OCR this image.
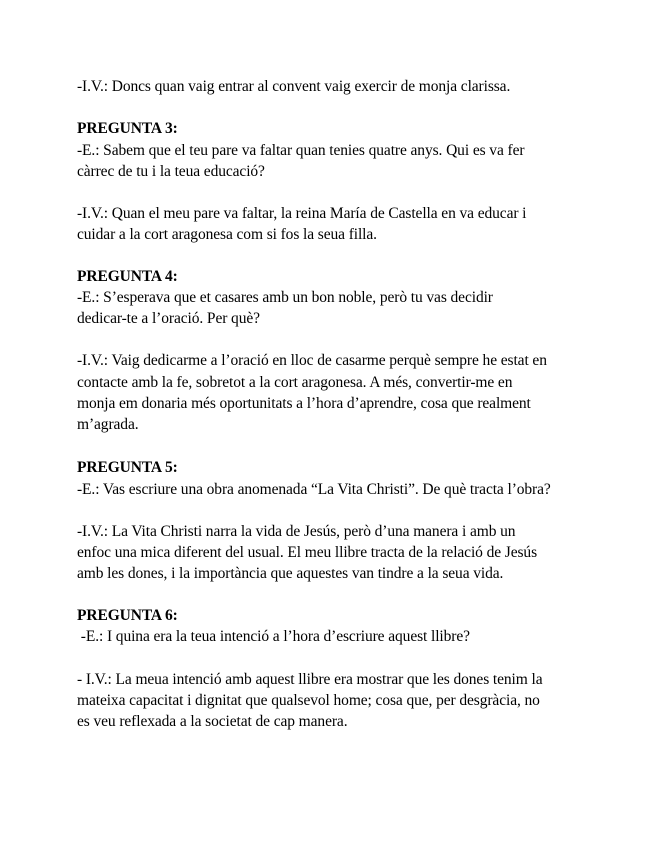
-I.V.: Doncs quan vaig entrar al convent vaig exercir de monja clarissa.
PREGUNTA 3:
-E.: Sabem que el teu pare va faltar quan tenies quatre anys. Qui es va fer
càrrec de tu i la teua educació?
-I.V.: Quan el meu pare va faltar, la reina María de Castella en va educar i
cuidar a la cort aragonesa com si fos la seua filla.
PREGUNTA 4:
-E.: S’esperava que et casares amb un bon noble, però tu vas decidir
dedicar-te a l’oració. Per què?
-I.V.: Vaig dedicarme a l’oració en lloc de casarme perquè sempre he estat en
contacte amb la fe, sobretot a la cort aragonesa. A més, convertir-me en
monja em donaria més oportunitats a l’hora d’aprendre, cosa que realment
m’agrada.
PREGUNTA 5:
-E.: Vas escriure una obra anomenada “La Vita Christi”. De què tracta l’obra?
-I.V.: La Vita Christi narra la vida de Jesús, però d’una manera i amb un
enfoc una mica diferent del usual. El meu llibre tracta de la relació de Jesús
amb les dones, i la importància que aquestes van tindre a la seua vida.
PREGUNTA 6:
-E.: I quina era la teua intenció a l’hora d’escriure aquest llibre?
- I.V.: La meua intenció amb aquest llibre era mostrar que les dones tenim la
mateixa capacitat i dignitat que qualsevol home; cosa que, per desgràcia, no
es veu reflexada a la societat de cap manera.
